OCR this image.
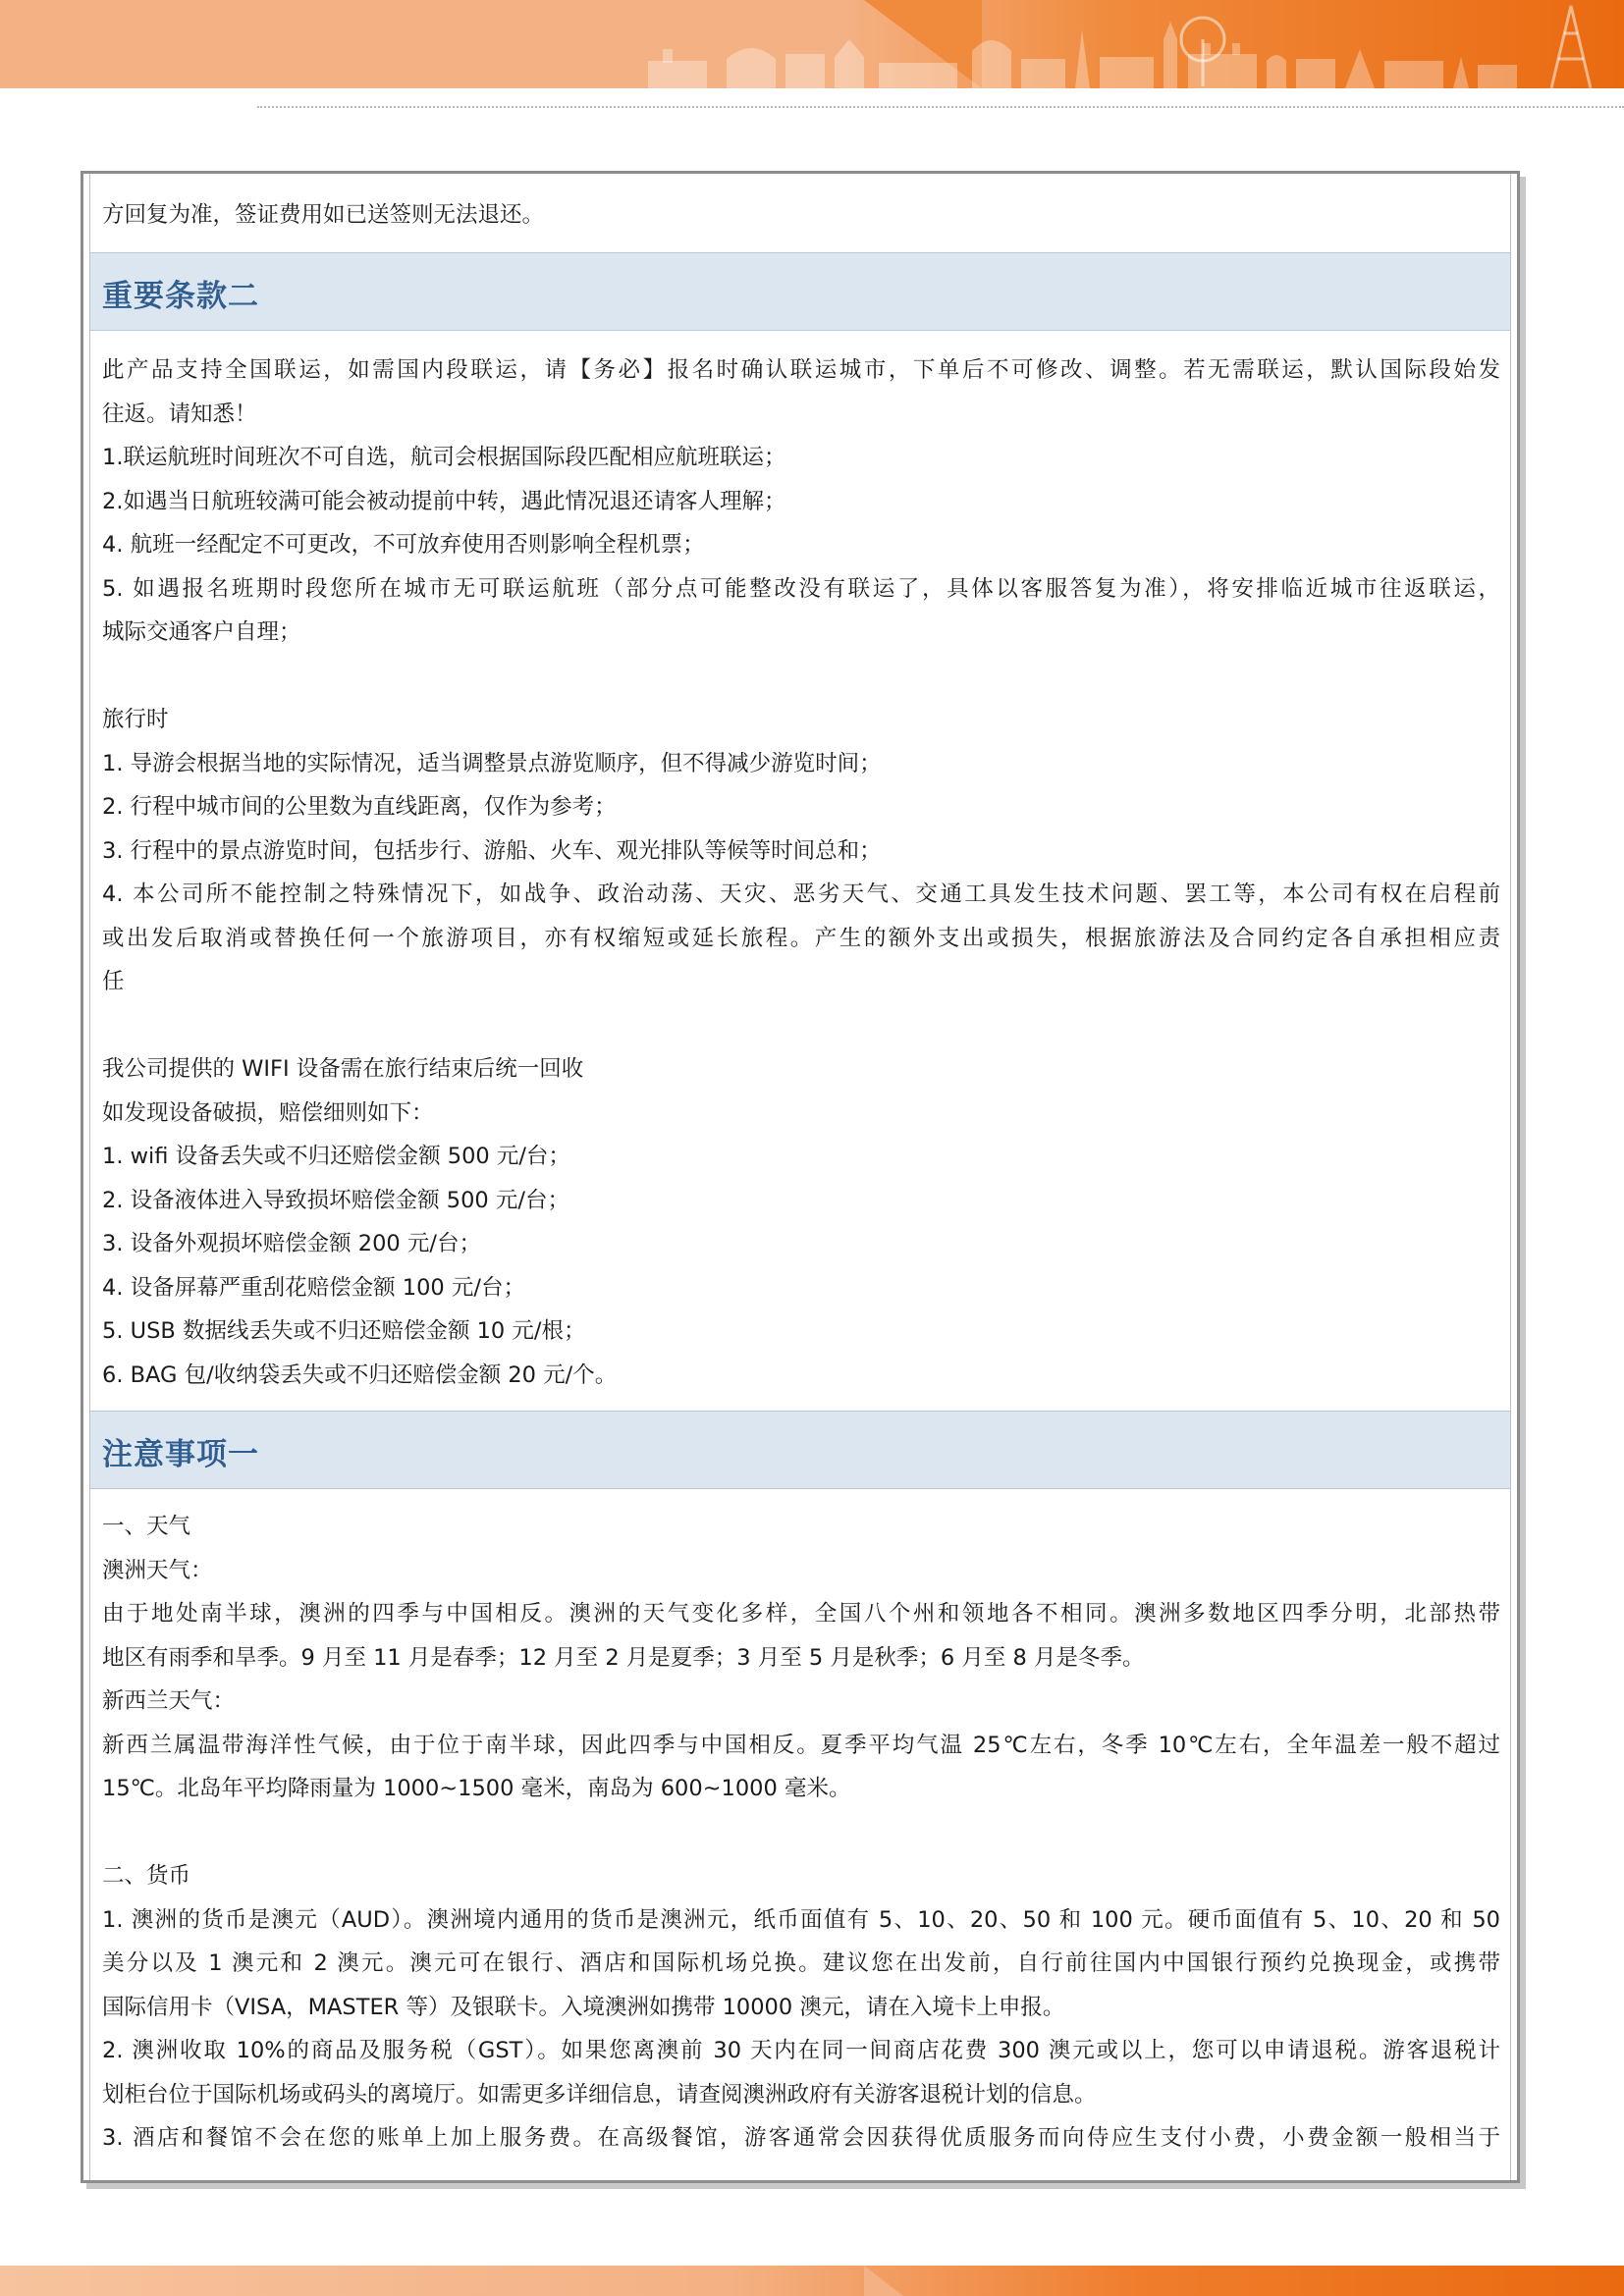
方回复为准，签证费用如已送签则无法退还。

重要条款二
此产品支持全国联运，如需国内段联运，请【务必】报名时确认联运城市，下单后不可修改、调整。若无需联运，默认国际段始发
往返。请知悉！
1.联运航班时间班次不可自选，航司会根据国际段匹配相应航班联运；
2.如遇当日航班较满可能会被动提前中转，遇此情况退还请客人理解；
4. 航班一经配定不可更改，不可放弃使用否则影响全程机票；
5. 如遇报名班期时段您所在城市无可联运航班（部分点可能整改没有联运了，具体以客服答复为准），将安排临近城市往返联运，
城际交通客户自理；

旅行时
1. 导游会根据当地的实际情况，适当调整景点游览顺序，但不得减少游览时间；
2. 行程中城市间的公里数为直线距离，仅作为参考；
3. 行程中的景点游览时间，包括步行、游船、火车、观光排队等候等时间总和；
4. 本公司所不能控制之特殊情况下，如战争、政治动荡、天灾、恶劣天气、交通工具发生技术问题、罢工等，本公司有权在启程前
或出发后取消或替换任何一个旅游项目，亦有权缩短或延长旅程。产生的额外支出或损失，根据旅游法及合同约定各自承担相应责
任

我公司提供的 WIFI 设备需在旅行结束后统一回收
如发现设备破损，赔偿细则如下：
1. wifi 设备丢失或不归还赔偿金额 500 元/台；
2. 设备液体进入导致损坏赔偿金额 500 元/台；
3. 设备外观损坏赔偿金额 200 元/台；
4. 设备屏幕严重刮花赔偿金额 100 元/台；
5. USB 数据线丢失或不归还赔偿金额 10 元/根；
6. BAG 包/收纳袋丢失或不归还赔偿金额 20 元/个。
注意事项一
一、天气
澳洲天气：
由于地处南半球，澳洲的四季与中国相反。澳洲的天气变化多样，全国八个州和领地各不相同。澳洲多数地区四季分明，北部热带
地区有雨季和旱季。9 月至 11 月是春季；12 月至 2 月是夏季；3 月至 5 月是秋季；6 月至 8 月是冬季。
新西兰天气：
新西兰属温带海洋性气候，由于位于南半球，因此四季与中国相反。夏季平均气温 25℃左右，冬季 10℃左右，全年温差一般不超过
15℃。北岛年平均降雨量为 1000~1500 毫米，南岛为 600~1000 毫米。

二、货币
1. 澳洲的货币是澳元（AUD）。澳洲境内通用的货币是澳洲元，纸币面值有 5、10、20、50 和 100 元。硬币面值有 5、10、20 和 50
美分以及 1 澳元和 2 澳元。澳元可在银行、酒店和国际机场兑换。建议您在出发前，自行前往国内中国银行预约兑换现金，或携带
国际信用卡（VISA，MASTER 等）及银联卡。入境澳洲如携带 10000 澳元，请在入境卡上申报。
2. 澳洲收取 10%的商品及服务税（GST）。如果您离澳前 30 天内在同一间商店花费 300 澳元或以上，您可以申请退税。游客退税计
划柜台位于国际机场或码头的离境厅。如需更多详细信息，请查阅澳洲政府有关游客退税计划的信息。
3. 酒店和餐馆不会在您的账单上加上服务费。在高级餐馆，游客通常会因获得优质服务而向侍应生支付小费，小费金额一般相当于
